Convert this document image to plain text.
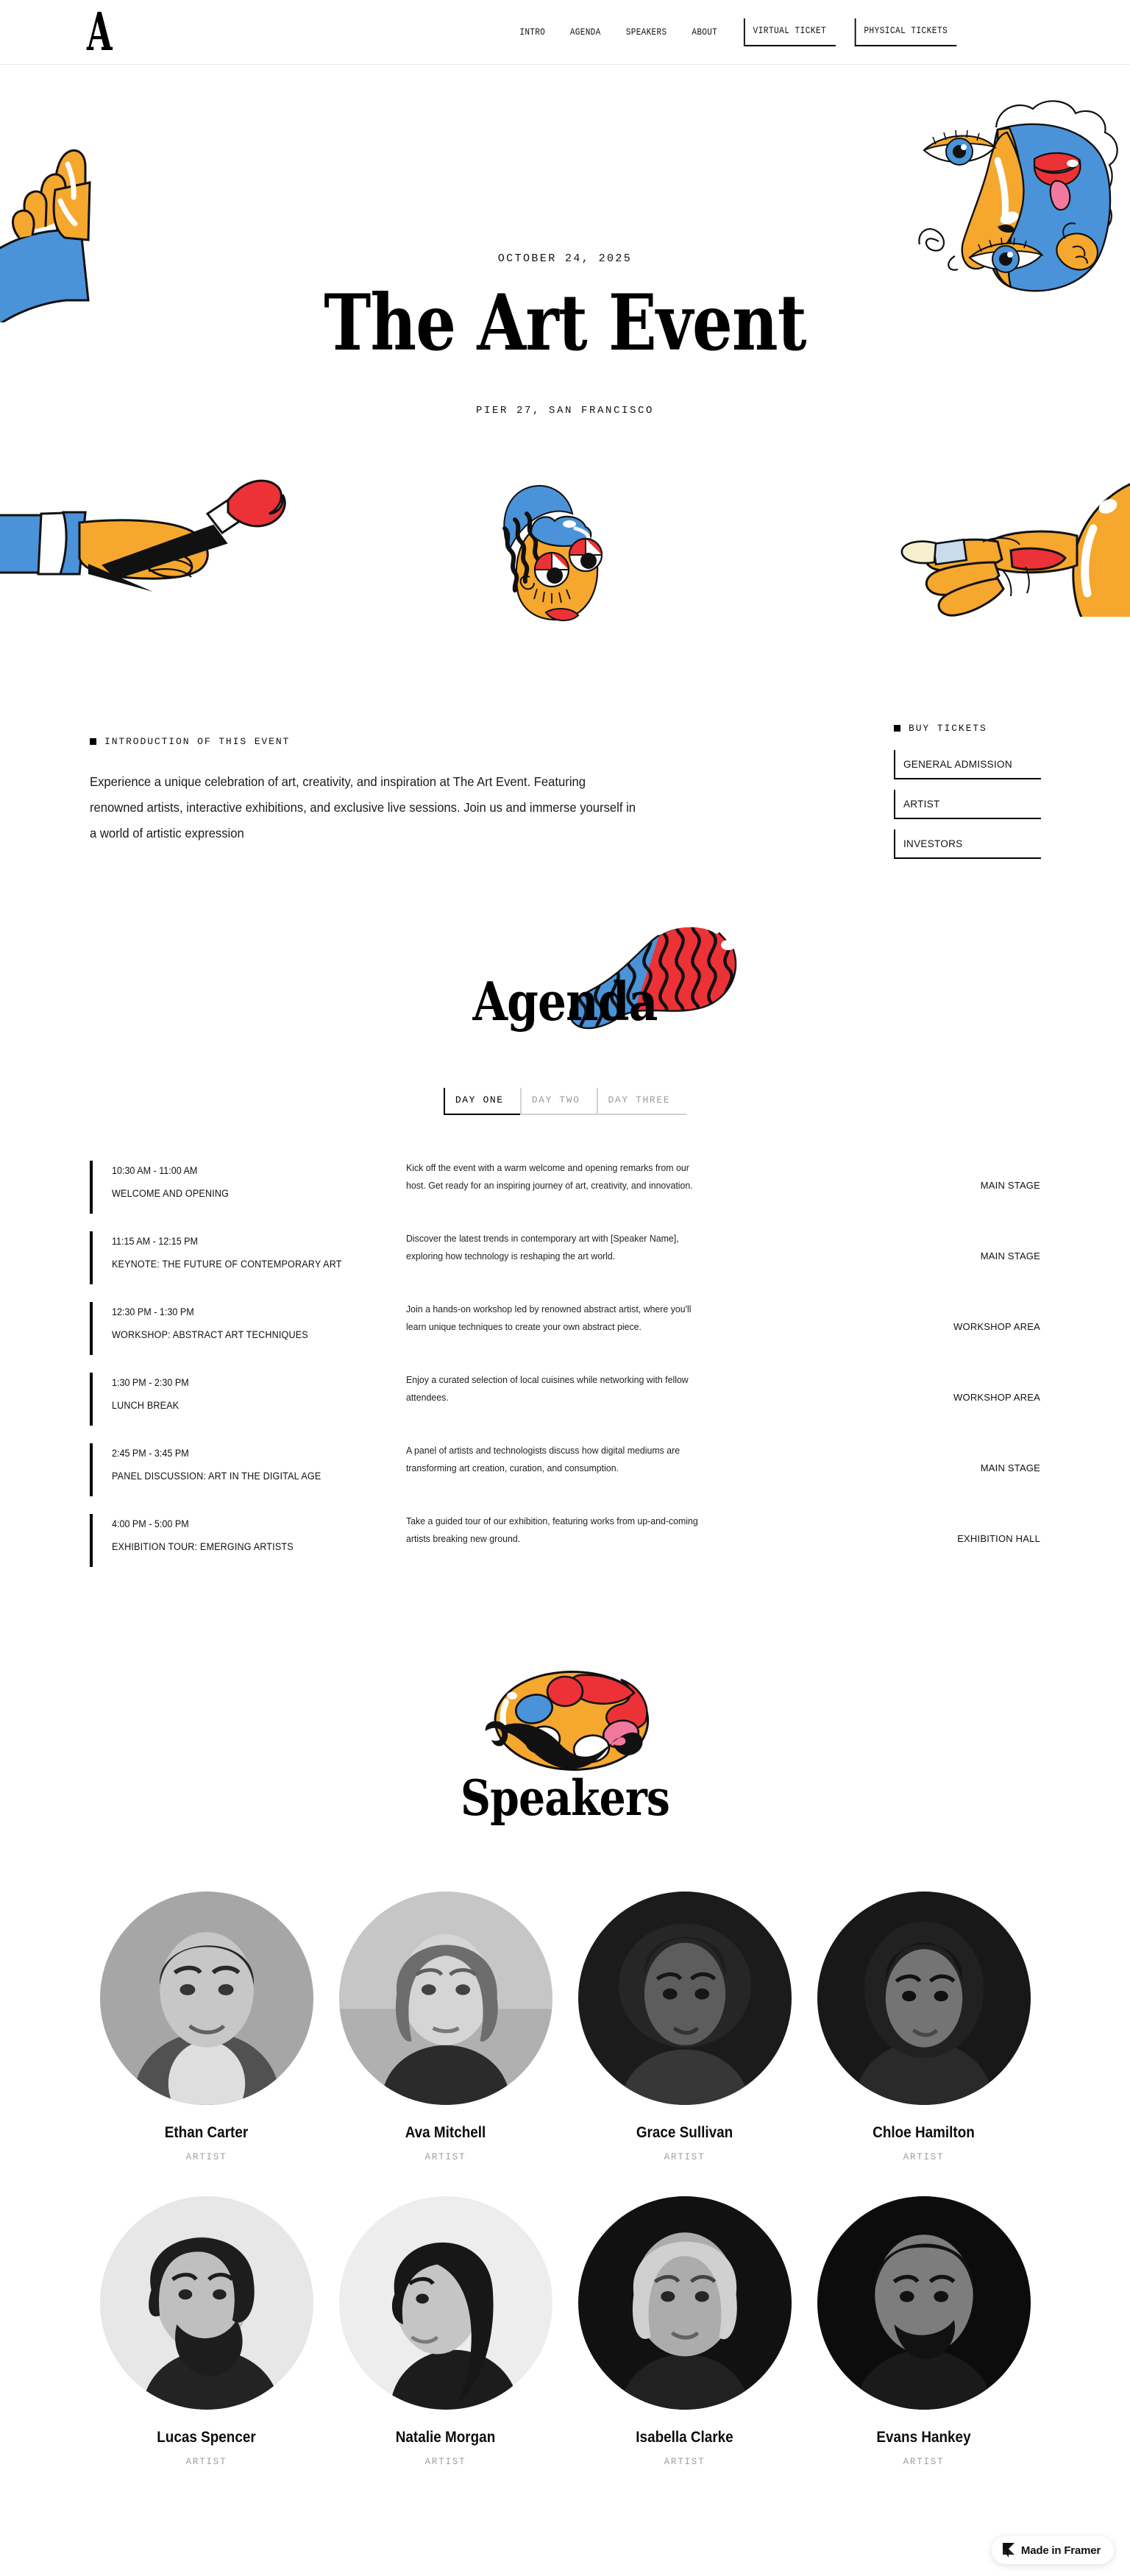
A	INTRO	AGENDA	SPEAKERS	ABOUT	VIRTUAL TICKET	PHYSICAL TICKETS
OCTOBER 24, 2025
The Art Event
PIER 27, SAN FRANCISCO
INTRODUCTION OF THIS EVENT
Experience a unique celebration of art, creativity, and inspiration at The Art Event. Featuring renowned artists, interactive exhibitions, and exclusive live sessions. Join us and immerse yourself in a world of artistic expression
BUY TICKETS
GENERAL ADMISSION
ARTIST
INVESTORS
Agenda
DAY ONE	DAY TWO	DAY THREE
10:30 AM - 11:00 AM
WELCOME AND OPENING
Kick off the event with a warm welcome and opening remarks from our host. Get ready for an inspiring journey of art, creativity, and innovation.	MAIN STAGE
11:15 AM - 12:15 PM
KEYNOTE: THE FUTURE OF CONTEMPORARY ART
Discover the latest trends in contemporary art with [Speaker Name], exploring how technology is reshaping the art world.	MAIN STAGE
12:30 PM - 1:30 PM
WORKSHOP: ABSTRACT ART TECHNIQUES
Join a hands-on workshop led by renowned abstract artist, where you'll learn unique techniques to create your own abstract piece.	WORKSHOP AREA
1:30 PM - 2:30 PM
LUNCH BREAK
Enjoy a curated selection of local cuisines while networking with fellow attendees.	WORKSHOP AREA
2:45 PM - 3:45 PM
PANEL DISCUSSION: ART IN THE DIGITAL AGE
A panel of artists and technologists discuss how digital mediums are transforming art creation, curation, and consumption.	MAIN STAGE
4:00 PM - 5:00 PM
EXHIBITION TOUR: EMERGING ARTISTS
Take a guided tour of our exhibition, featuring works from up-and-coming artists breaking new ground.	EXHIBITION HALL
Speakers
Ethan Carter
ARTIST
Ava Mitchell
ARTIST
Grace Sullivan
ARTIST
Chloe Hamilton
ARTIST
Lucas Spencer
ARTIST
Natalie Morgan
ARTIST
Isabella Clarke
ARTIST
Evans Hankey
ARTIST
Made in Framer
